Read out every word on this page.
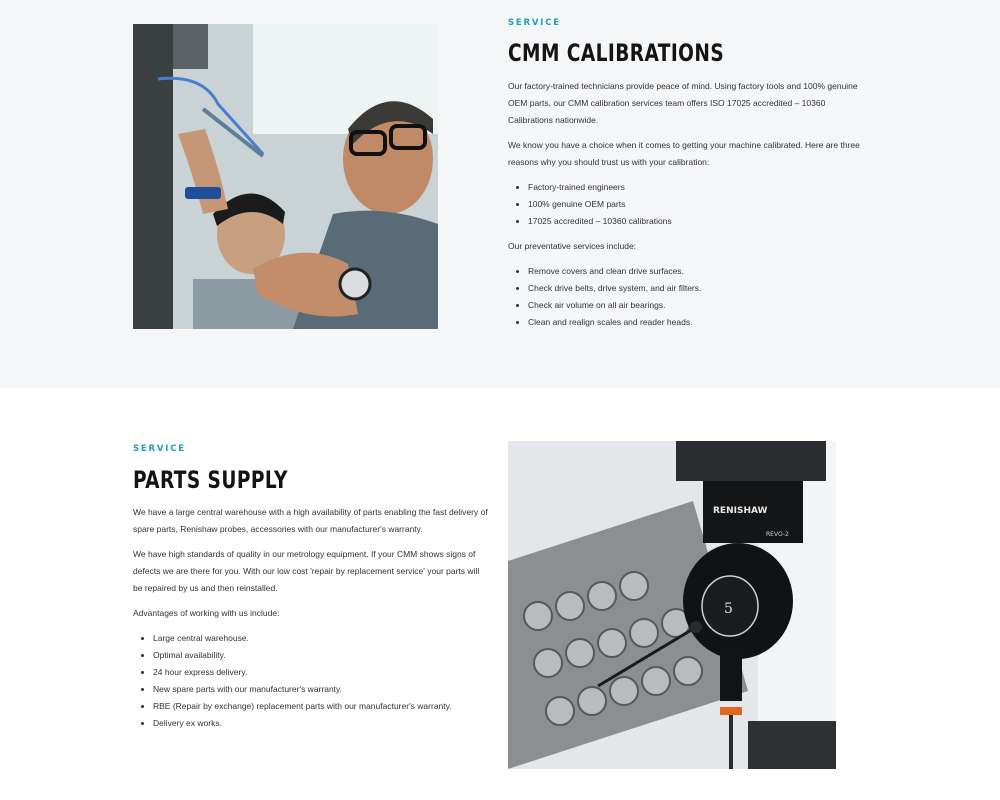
SERVICE
CMM CALIBRATIONS

Our factory-trained technicians provide peace of mind. Using factory tools and 100% genuine OEM parts, our CMM calibration services team offers ISO 17025 accredited – 10360 Calibrations nationwide.

We know you have a choice when it comes to getting your machine calibrated. Here are three reasons why you should trust us with your calibration:

• Factory-trained engineers
• 100% genuine OEM parts
• 17025 accredited – 10360 calibrations

Our preventative services include:

• Remove covers and clean drive surfaces.
• Check drive belts, drive system, and air filters.
• Check air volume on all air bearings.
• Clean and realign scales and reader heads.
SERVICE
PARTS SUPPLY

We have a large central warehouse with a high availability of parts enabling the fast delivery of spare parts, Renishaw probes, accessories with our manufacturer's warranty.

We have high standards of quality in our metrology equipment. If your CMM shows signs of defects we are there for you. With our low cost 'repair by replacement service' your parts will be repaired by us and then reinstalled.

Advantages of working with us include:

• Large central warehouse.
• Optimal availability.
• 24 hour express delivery.
• New spare parts with our manufacturer's warranty.
• RBE (Repair by exchange) replacement parts with our manufacturer's warranty.
• Delivery ex works.
RENISHAW
REVO-2
5
